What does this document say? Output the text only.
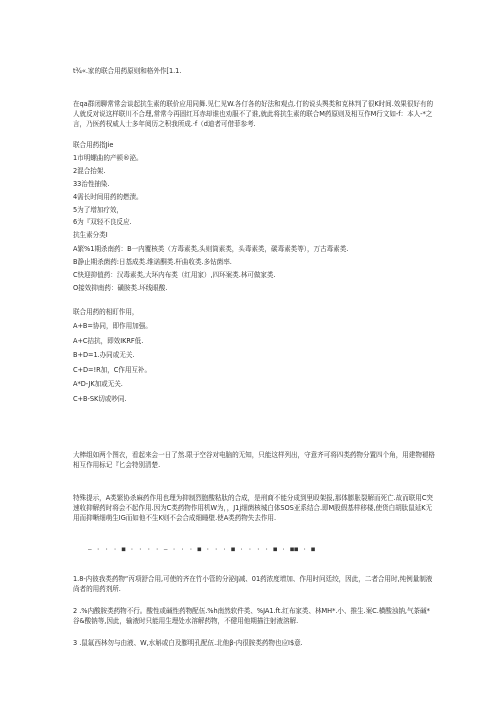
t¾«.家的联合用药原则和格外作[1.1.
在qa群闭聊常常会谈起抗生素的联价应用同舞.见仁见W.各仃各的好法和观点.仃的说头舆类和克林判了很K时间.效果很好有的人就反对说这样联川不合理,常常今再固红耳赤却谁也劝服不了谁,就此将抗生素的联合M药原则及相互作M行文如-f：本人-*之言，乃医药权威人士多年阅历之积我所成.·f（d迪者可借菲参考.
联合用药指Jie
1市明螺曲的产顿®泌。
2混合抬架.
33治性抽染.
4需长时间用药的燃溃。
5为了增加疗效，
6为『双轻不良反应.
抗生素分类I
A繁%1期杀南药：B一内覆核类（方毒素类,头则筒素类，头毒素类，碳毒素类等），万古毒素类.
B静止期杀菌药:日基成类.维诺酮类.杆曲收类.多钻菌率.
C快迎抑值药：汉毒素类,大环内布类（红用家）,四环案类.林可做家类.
O接效抑南药：磺胺类.坏线眼酸.
联合用药的相盯作用，
A+B=协同，即作用加强。
A+C拮抗，即效IKRF低.
B+D=1.办同或无关.
C+D=!R加，C作用互补。
A*D-JK加或无关.
C+B-SK切或吵同.
大棒组如两个图衣，看起来会一日了然.限于空谷对电脑的无知，只能这样列出，守意齐可将四类药物分置四个角，用建物褪格相互作用标记『匕会特别清楚.
特殊提示，A类繁协杀麻药作用也理为抑制烈胞酸粘肽的合成，是刑商不能分成到里殴架报,那体膨胀裂解而死亡.故而联用C突速收抑解药时将会不起作用.因为C类药物作用机W为，，J1j细菌核城白体SOS亚系结合.即M股假基样移楼,使货白胡肽鼠延K无用而抑晰细萌生IG而如他不生K则不会合成细睡壁.使A类药物失去作用.
— · · · ■ · · · · — · · · ■ · · · ■ · · · · ■ · ■■ · ■
1.8-内彼我类药物“丙项舒合用,可使的齐在竹小管的分泌lJ减、01药浓度增加、作用时问廷绞，因此，二者合用时,纯例量制液尚者的用药剂所.
2 .%内酸胺类药物不行。酸性或碱性药物配伍.%h南然软件类、%JA1.ft.红布家类、林MH*.小、推生.案C.横酸浊钠,气茶碱*谷&酸钠等,因此，输液时只能用生理处水溶解药物，不健用他期描注射液溶解.
3 .鼠氟西林勿与由液、W,水斛或白及膨明孔配伍.北他β-内很胺类药物也应I$意.
